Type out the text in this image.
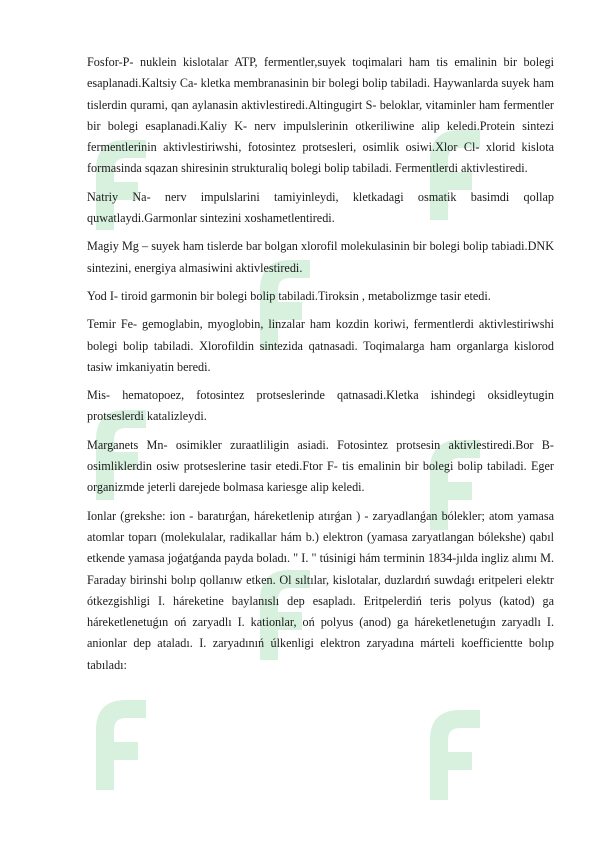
Fosfor-P- nuklein kislotalar ATP, fermentler,suyek toqimalari ham tis emalinin bir bolegi esaplanadi.Kaltsiy Ca- kletka membranasinin bir bolegi bolip tabiladi. Haywanlarda suyek ham tislerdin qurami, qan aylanasin aktivlestiredi.Altingugirt S- beloklar, vitaminler ham fermentler bir bolegi esaplanadi.Kaliy K- nerv impulslerinin otkeriliwine alip keledi.Protein sintezi fermentlerinin aktivlestiriwshi, fotosintez protsesleri, osimlik osiwi.Xlor Cl- xlorid kislota formasinda sqazan shiresinin strukturaliq bolegi bolip tabiladi. Fermentlerdi aktivlestiredi.

Natriy Na- nerv impulslarini tamiyinleydi, kletkadagi osmatik basimdi qollap quwatlaydi.Garmonlar sintezini xoshametlentiredi.

Magiy Mg – suyek ham tislerde bar bolgan xlorofil molekulasinin bir bolegi bolip tabiadi.DNK sintezini, energiya almasiwini aktivlestiredi.

Yod I- tiroid garmonin bir bolegi bolip tabiladi.Tiroksin , metabolizmge tasir etedi.

Temir Fe- gemoglabin, myoglobin, linzalar ham kozdin koriwi, fermentlerdi aktivlestiriwshi bolegi bolip tabiladi. Xlorofildin sintezida qatnasadi. Toqimalarga ham organlarga kislorod tasiw imkaniyatin beredi.

Mis- hematopoez, fotosintez protseslerinde qatnasadi.Kletka ishindegi oksidleytugin protseslerdi katalizleydi.

Marganets Mn- osimikler zuraatliligin asiadi. Fotosintez protsesin aktivlestiredi.Bor B- osimliklerdin osiw protseslerine tasir etedi.Ftor F- tis emalinin bir bolegi bolip tabiladi. Eger organizmde jeterli darejede bolmasa kariesge alip keledi.

Ionlar (grekshe: ion - baratırǵan, háreketlenip atırǵan ) - zaryadlanǵan bólekler; atom yamasa atomlar toparı (molekulalar, radikallar hám b.) elektron (yamasa zaryatlangan bólekshe) qabıl etkende yamasa joǵatǵanda payda boladı. " I. " túsinigi hám terminin 1834-jılda ingliz alımı M. Faraday birinshi bolıp qollanıw etken. Ol sıltılar, kislotalar, duzlardıń suwdaǵı eritpeleri elektr ótkezgishligi I. háreketine baylanıslı dep esapladı. Eritpelerdiń teris polyus (katod) ga háreketlenetuǵın oń zaryadlı I. kationlar, oń polyus (anod) ga háreketlenetuǵın zaryadlı I. anionlar dep ataladı. I. zaryadınıń úlkenligi elektron zaryadına márteli koefficientte bolıp tabıladı:
